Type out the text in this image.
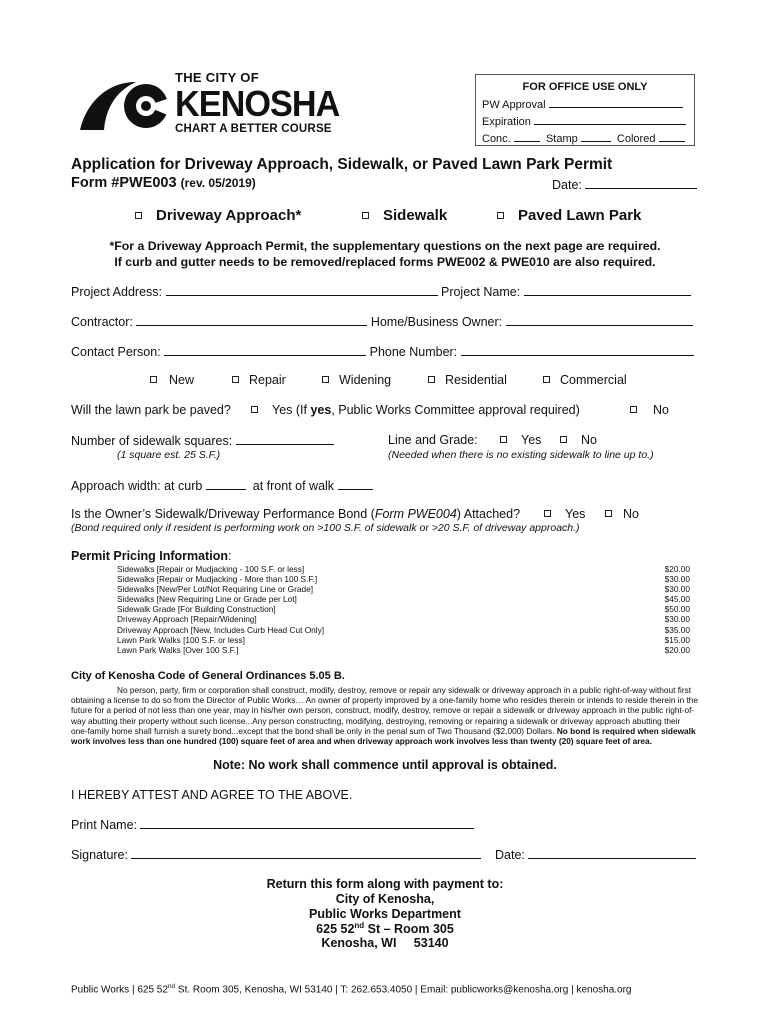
THE CITY OF
KENOSHA
CHART A BETTER COURSE
FOR OFFICE USE ONLY
PW Approval
Expiration
Conc.	Stamp	Colored
Application for Driveway Approach, Sidewalk, or Paved Lawn Park Permit
Form #PWE003 (rev. 05/2019)	Date:
Driveway Approach*	Sidewalk	Paved Lawn Park
*For a Driveway Approach Permit, the supplementary questions on the next page are required.
If curb and gutter needs to be removed/replaced forms PWE002 & PWE010 are also required.
Project Address:	Project Name:
Contractor:	Home/Business Owner:
Contact Person:	Phone Number:
New	Repair	Widening	Residential	Commercial
Will the lawn park be paved?	Yes (If yes, Public Works Committee approval required)	No
Number of sidewalk squares:
(1 square est. 25 S.F.)
Line and Grade:	Yes	No
(Needed when there is no existing sidewalk to line up to.)
Approach width: at curb	at front of walk
Is the Owner’s Sidewalk/Driveway Performance Bond (Form PWE004) Attached?	Yes	No
(Bond required only if resident is performing work on >100 S.F. of sidewalk or >20 S.F. of driveway approach.)
Permit Pricing Information:
Sidewalks [Repair or Mudjacking - 100 S.F. or less]	$20.00
Sidewalks [Repair or Mudjacking - More than 100 S.F.]	$30.00
Sidewalks [New/Per Lot/Not Requiring Line or Grade]	$30.00
Sidewalks [New Requiring Line or Grade per Lot]	$45.00
Sidewalk Grade [For Building Construction]	$50.00
Driveway Approach [Repair/Widening]	$30.00
Driveway Approach [New, Includes Curb Head Cut Only]	$35.00
Lawn Park Walks [100 S.F. or less]	$15.00
Lawn Park Walks [Over 100 S.F.]	$20.00
City of Kenosha Code of General Ordinances 5.05 B.
No person, party, firm or corporation shall construct, modify, destroy, remove or repair any sidewalk or driveway approach in a public right-of-way without first obtaining a license to do so from the Director of Public Works… An owner of property improved by a one-family home who resides therein or intends to reside therein in the future for a period of not less than one year, may in his/her own person, construct, modify, destroy, remove or repair a sidewalk or driveway approach in the public right-of-way abutting their property without such license...Any person constructing, modifying, destroying, removing or repairing a sidewalk or driveway approach abutting their one-family home shall furnish a surety bond...except that the bond shall be only in the penal sum of Two Thousand ($2,000) Dollars. No bond is required when sidewalk work involves less than one hundred (100) square feet of area and when driveway approach work involves less than twenty (20) square feet of area.
Note: No work shall commence until approval is obtained.
I HEREBY ATTEST AND AGREE TO THE ABOVE.
Print Name:
Signature:	Date:
Return this form along with payment to:
City of Kenosha,
Public Works Department
625 52nd St – Room 305
Kenosha, WI     53140
Public Works | 625 52nd St. Room 305, Kenosha, WI 53140 | T: 262.653.4050 | Email: publicworks@kenosha.org | kenosha.org
